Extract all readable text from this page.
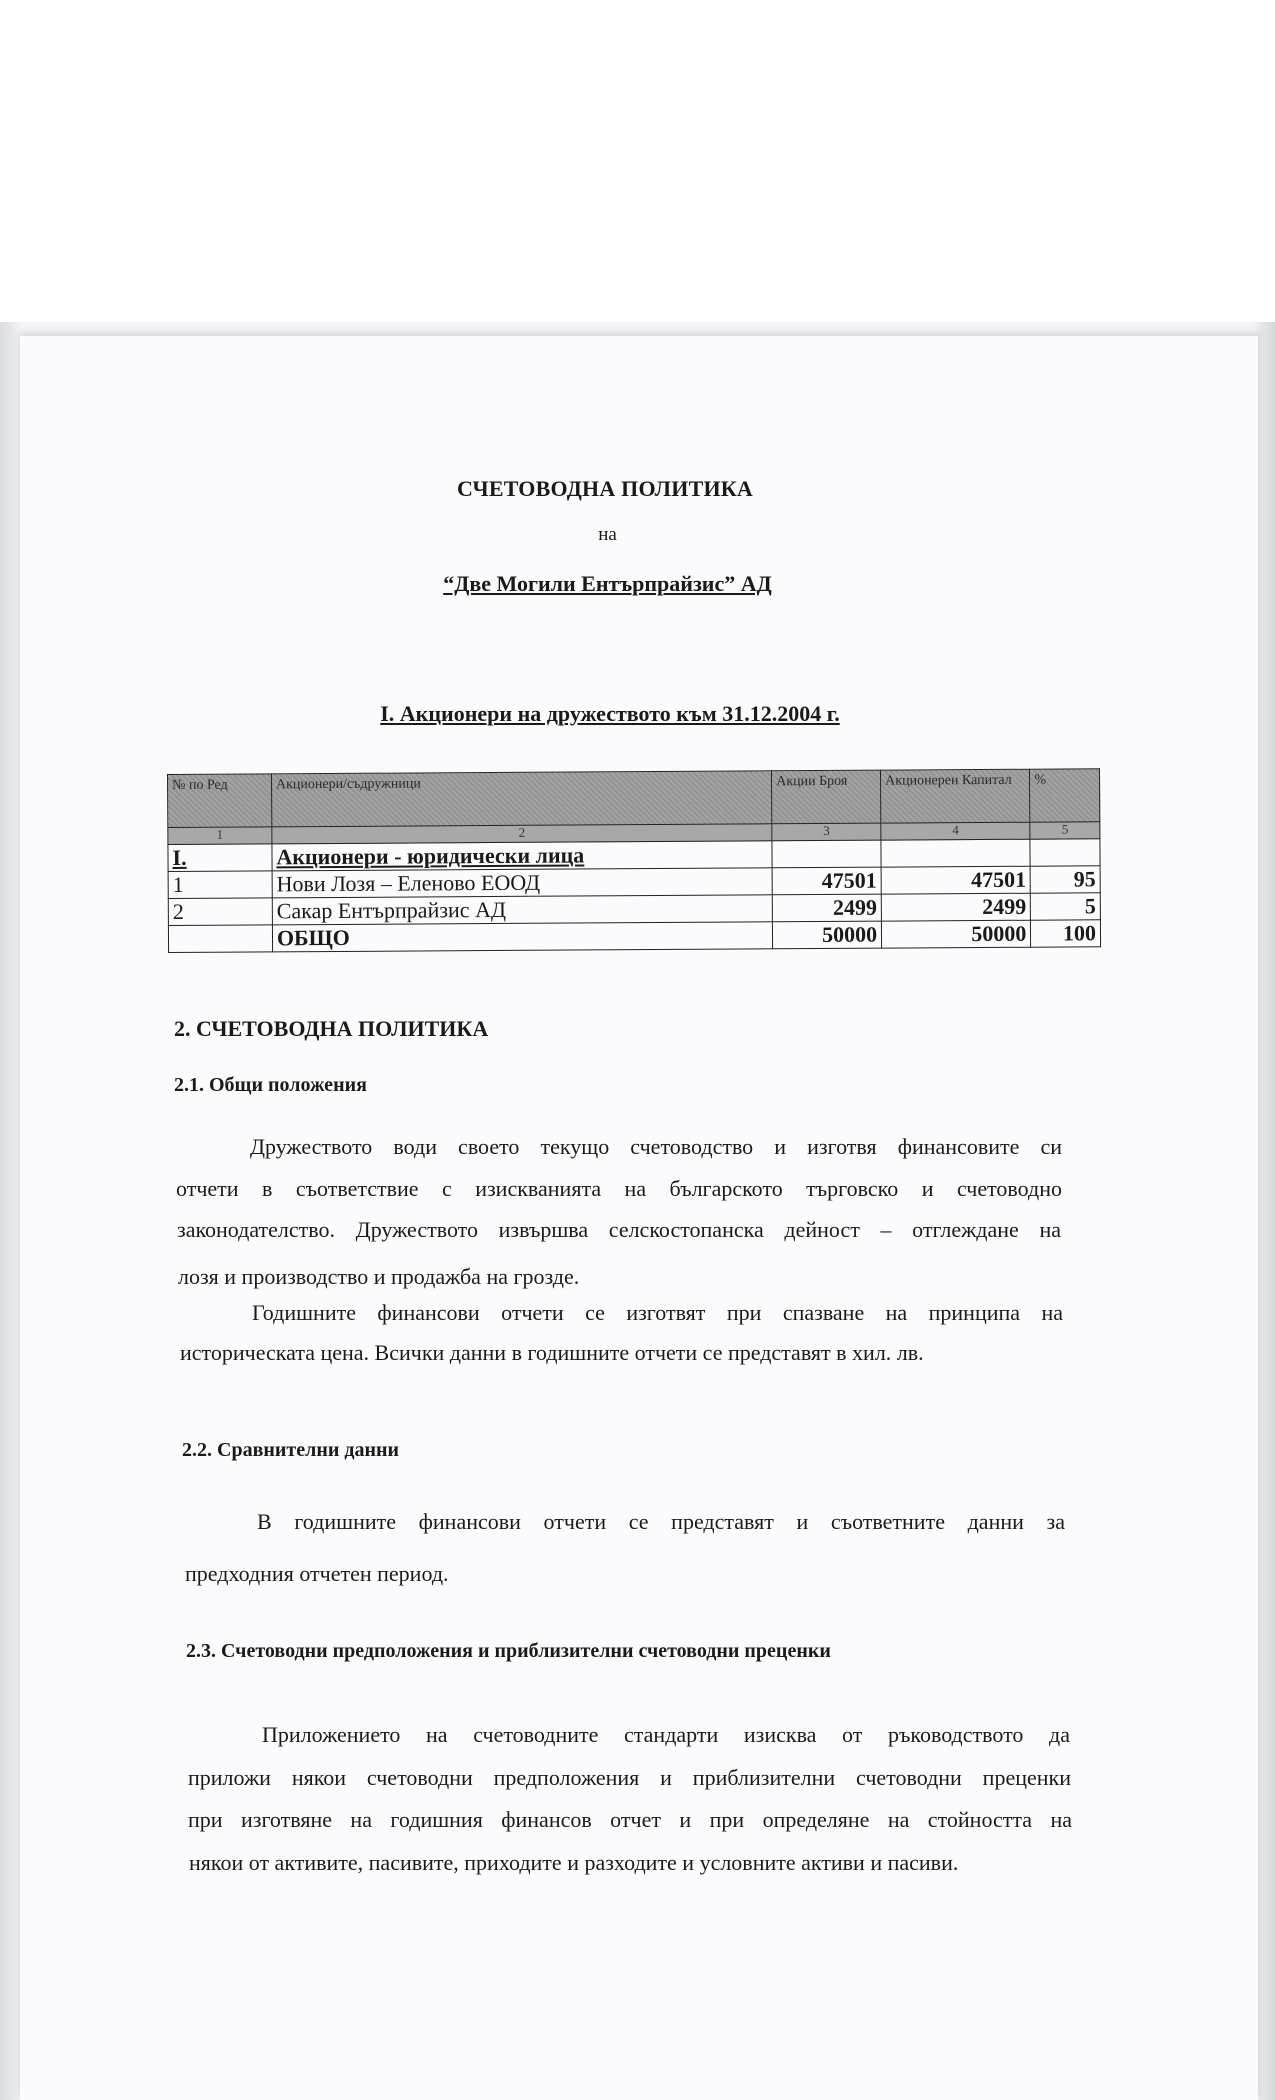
СЧЕТОВОДНА ПОЛИТИКА
на
“Две Могили Ентърпрайзис” АД
I. Акционери на дружеството към 31.12.2004 г.
№ по Ред	Акционери/съдружници	Акции Броя	Акционерен Капитал	%
1	2	3	4	5
I.	Акционери - юридически лица			
1	Нови Лозя – Еленово ЕООД	47501	47501	95
2	Сакар Ентърпрайзис АД	2499	2499	5
	ОБЩО	50000	50000	100
2. СЧЕТОВОДНА ПОЛИТИКА
2.1. Общи положения
Дружеството води своето текущо счетоводство и изготвя финансовите си
отчети в съответствие с изискванията на българското търговско и счетоводно
законодателство. Дружеството извършва селскостопанска дейност – отглеждане на
лозя и производство и продажба на грозде.
Годишните финансови отчети се изготвят при спазване на принципа на
историческата цена. Всички данни в годишните отчети се представят в хил. лв.
2.2. Сравнителни данни
В годишните финансови отчети се представят и съответните данни за
предходния отчетен период.
2.3. Счетоводни предположения и приблизителни счетоводни преценки
Приложението на счетоводните стандарти изисква от ръководството да
приложи някои счетоводни предположения и приблизителни счетоводни преценки
при изготвяне на годишния финансов отчет и при определяне на стойността на
някои от активите, пасивите, приходите и разходите и условните активи и пасиви.
